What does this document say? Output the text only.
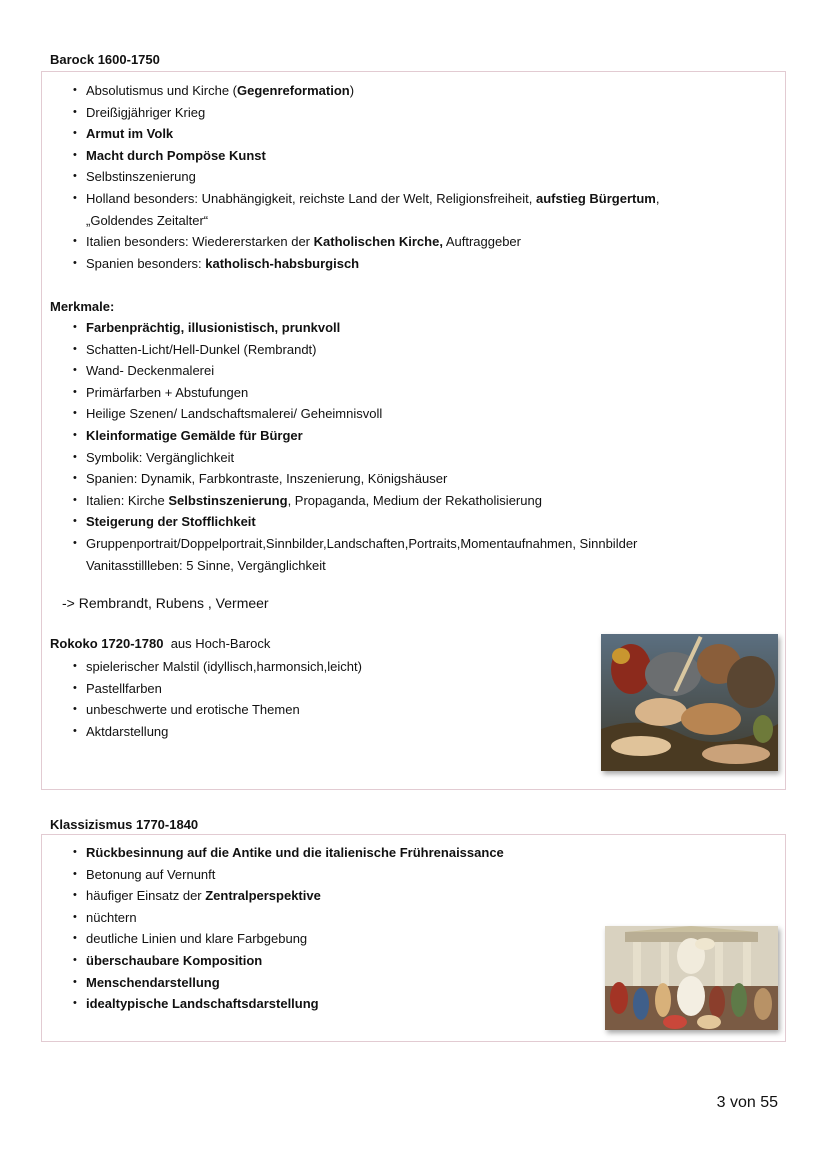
Barock 1600-1750
• Absolutismus und Kirche (Gegenreformation)
• Dreißigjähriger Krieg
• Armut im Volk
• Macht durch Pompöse Kunst
• Selbstinszenierung
• Holland besonders: Unabhängigkeit, reichste Land der Welt, Religionsfreiheit, aufstieg Bürgertum,
„Goldendes Zeitalter“
• Italien besonders: Wiedererstarken der Katholischen Kirche, Auftraggeber
• Spanien besonders: katholisch-habsburgisch
Merkmale:
• Farbenprächtig, illusionistisch, prunkvoll
• Schatten-Licht/Hell-Dunkel (Rembrandt)
• Wand- Deckenmalerei
• Primärfarben + Abstufungen
• Heilige Szenen/ Landschaftsmalerei/ Geheimnisvoll
• Kleinformatige Gemälde für Bürger
• Symbolik: Vergänglichkeit
• Spanien: Dynamik, Farbkontraste, Inszenierung, Königshäuser
• Italien: Kirche Selbstinszenierung, Propaganda, Medium der Rekatholisierung
• Steigerung der Stofflichkeit
• Gruppenportrait/Doppelportrait,Sinnbilder,Landschaften,Portraits,Momentaufnahmen, Sinnbilder
Vanitasstillleben: 5 Sinne, Vergänglichkeit
-> Rembrandt, Rubens , Vermeer
Rokoko 1720-1780 aus Hoch-Barock
• spielerischer Malstil (idyllisch,harmonsich,leicht)
• Pastellfarben
• unbeschwerte und erotische Themen
• Aktdarstellung
Klassizismus 1770-1840
• Rückbesinnung auf die Antike und die italienische Frührenaissance
• Betonung auf Vernunft
• häufiger Einsatz der Zentralperspektive
• nüchtern
• deutliche Linien und klare Farbgebung
• überschaubare Komposition
• Menschendarstellung
• idealtypische Landschaftsdarstellung
3 von 55
